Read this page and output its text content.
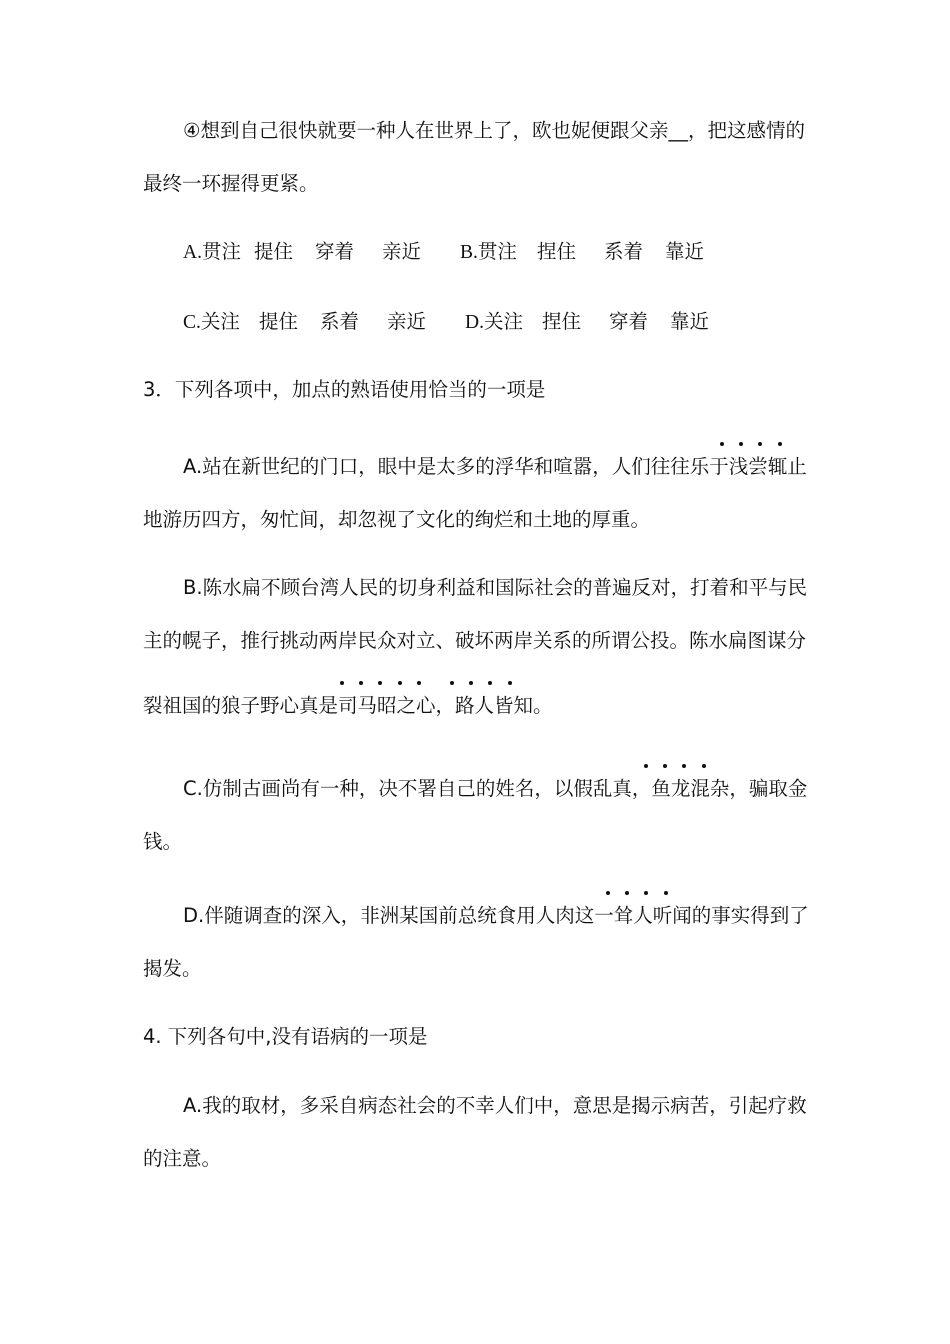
④想到自己很快就要一种人在世界上了，欧也妮便跟父亲__，把这感情的
最终一环握得更紧。
A.贯注 提住 穿着 亲近 B.贯注 捏住 系着 靠近
C.关注 提住 系着 亲近 D.关注 捏住 穿着 靠近
3．下列各项中，加点的熟语使用恰当的一项是
A.站在新世纪的门口，眼中是太多的浮华和喧嚣，人们往往乐于浅尝辄止
地游历四方，匆忙间，却忽视了文化的绚烂和土地的厚重。
B.陈水扁不顾台湾人民的切身利益和国际社会的普遍反对，打着和平与民
主的幌子，推行挑动两岸民众对立、破坏两岸关系的所谓公投。陈水扁图谋分
裂祖国的狼子野心真是司马昭之心，路人皆知。
C.仿制古画尚有一种，决不署自己的姓名，以假乱真，鱼龙混杂，骗取金
钱。
D.伴随调查的深入，非洲某国前总统食用人肉这一耸人听闻的事实得到了
揭发。
4. 下列各句中,没有语病的一项是
A.我的取材，多采自病态社会的不幸人们中，意思是揭示病苦，引起疗救
的注意。
